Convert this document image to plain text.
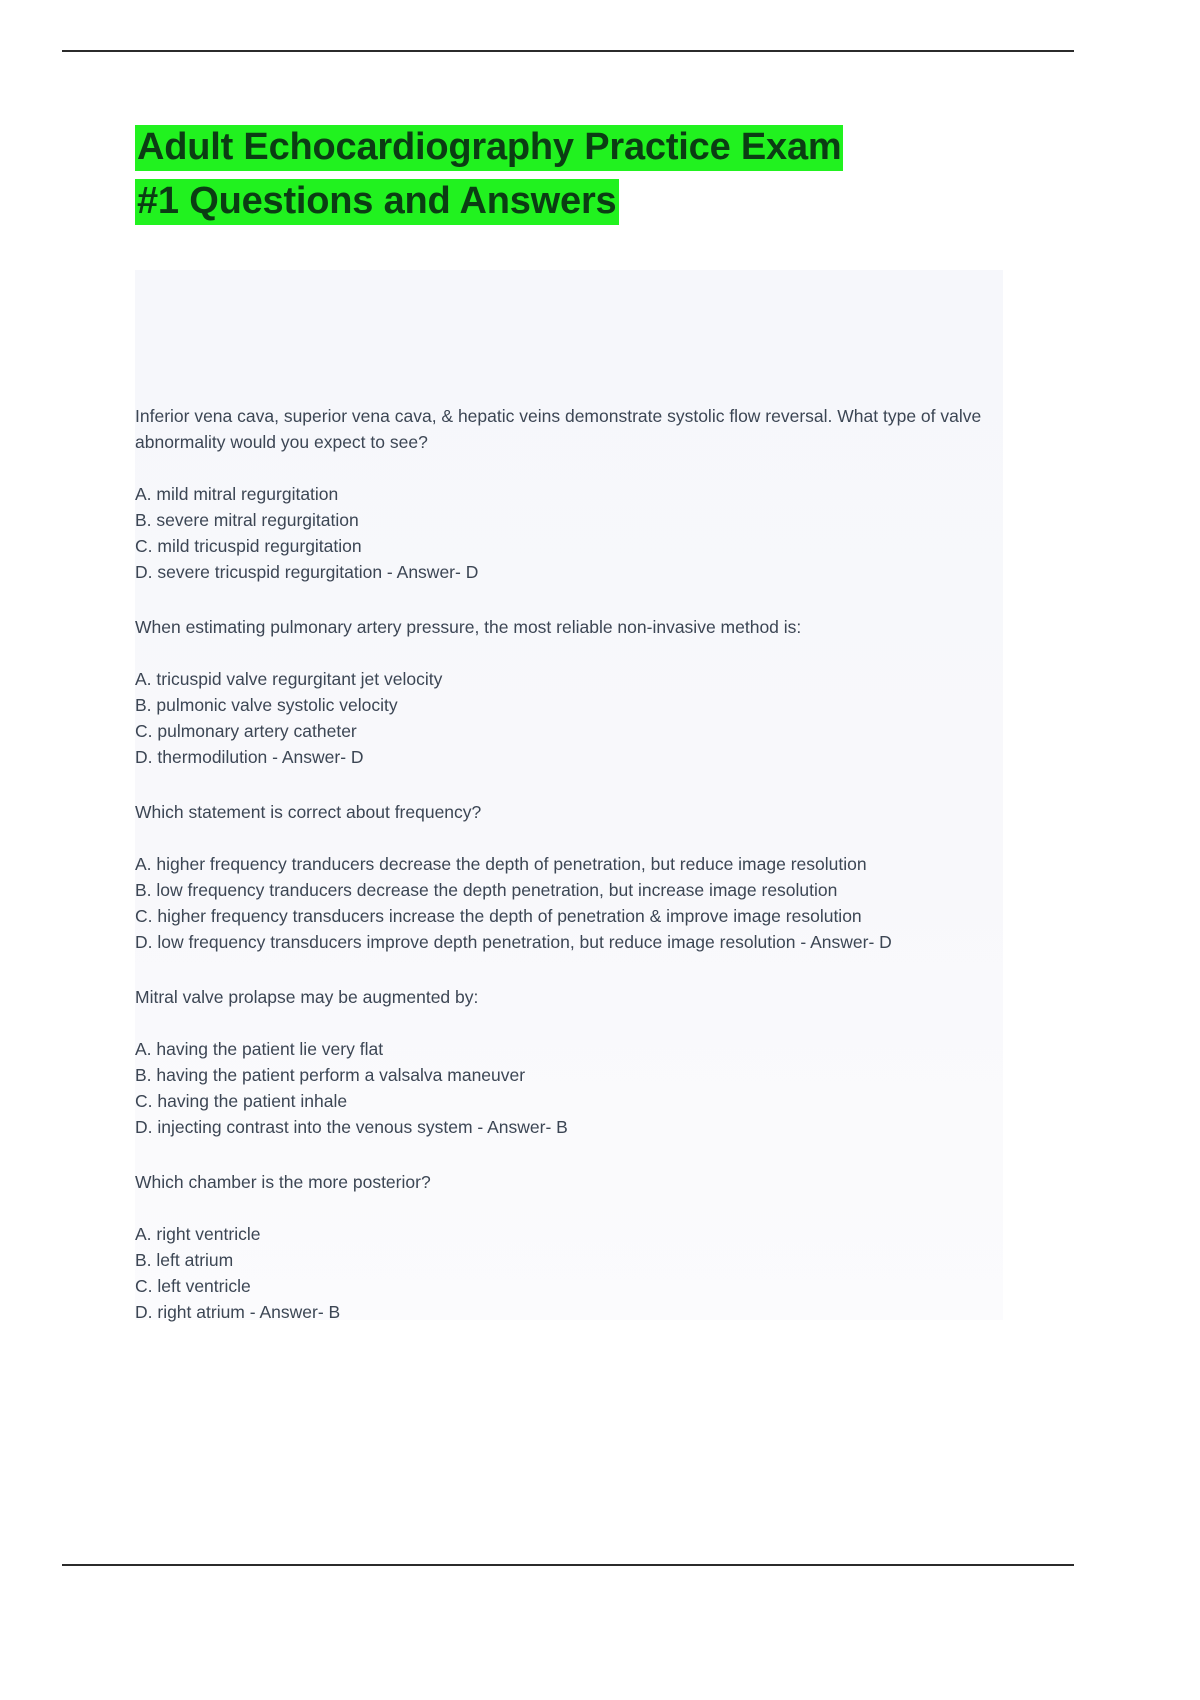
Adult Echocardiography Practice Exam
#1 Questions and Answers

Inferior vena cava, superior vena cava, & hepatic veins demonstrate systolic flow reversal. What type of valve abnormality would you expect to see?

A. mild mitral regurgitation
B. severe mitral regurgitation
C. mild tricuspid regurgitation
D. severe tricuspid regurgitation - Answer- D

When estimating pulmonary artery pressure, the most reliable non-invasive method is:

A. tricuspid valve regurgitant jet velocity
B. pulmonic valve systolic velocity
C. pulmonary artery catheter
D. thermodilution - Answer- D

Which statement is correct about frequency?

A. higher frequency tranducers decrease the depth of penetration, but reduce image resolution
B. low frequency tranducers decrease the depth penetration, but increase image resolution
C. higher frequency transducers increase the depth of penetration & improve image resolution
D. low frequency transducers improve depth penetration, but reduce image resolution - Answer- D

Mitral valve prolapse may be augmented by:

A. having the patient lie very flat
B. having the patient perform a valsalva maneuver
C. having the patient inhale
D. injecting contrast into the venous system - Answer- B

Which chamber is the more posterior?

A. right ventricle
B. left atrium
C. left ventricle
D. right atrium - Answer- B
